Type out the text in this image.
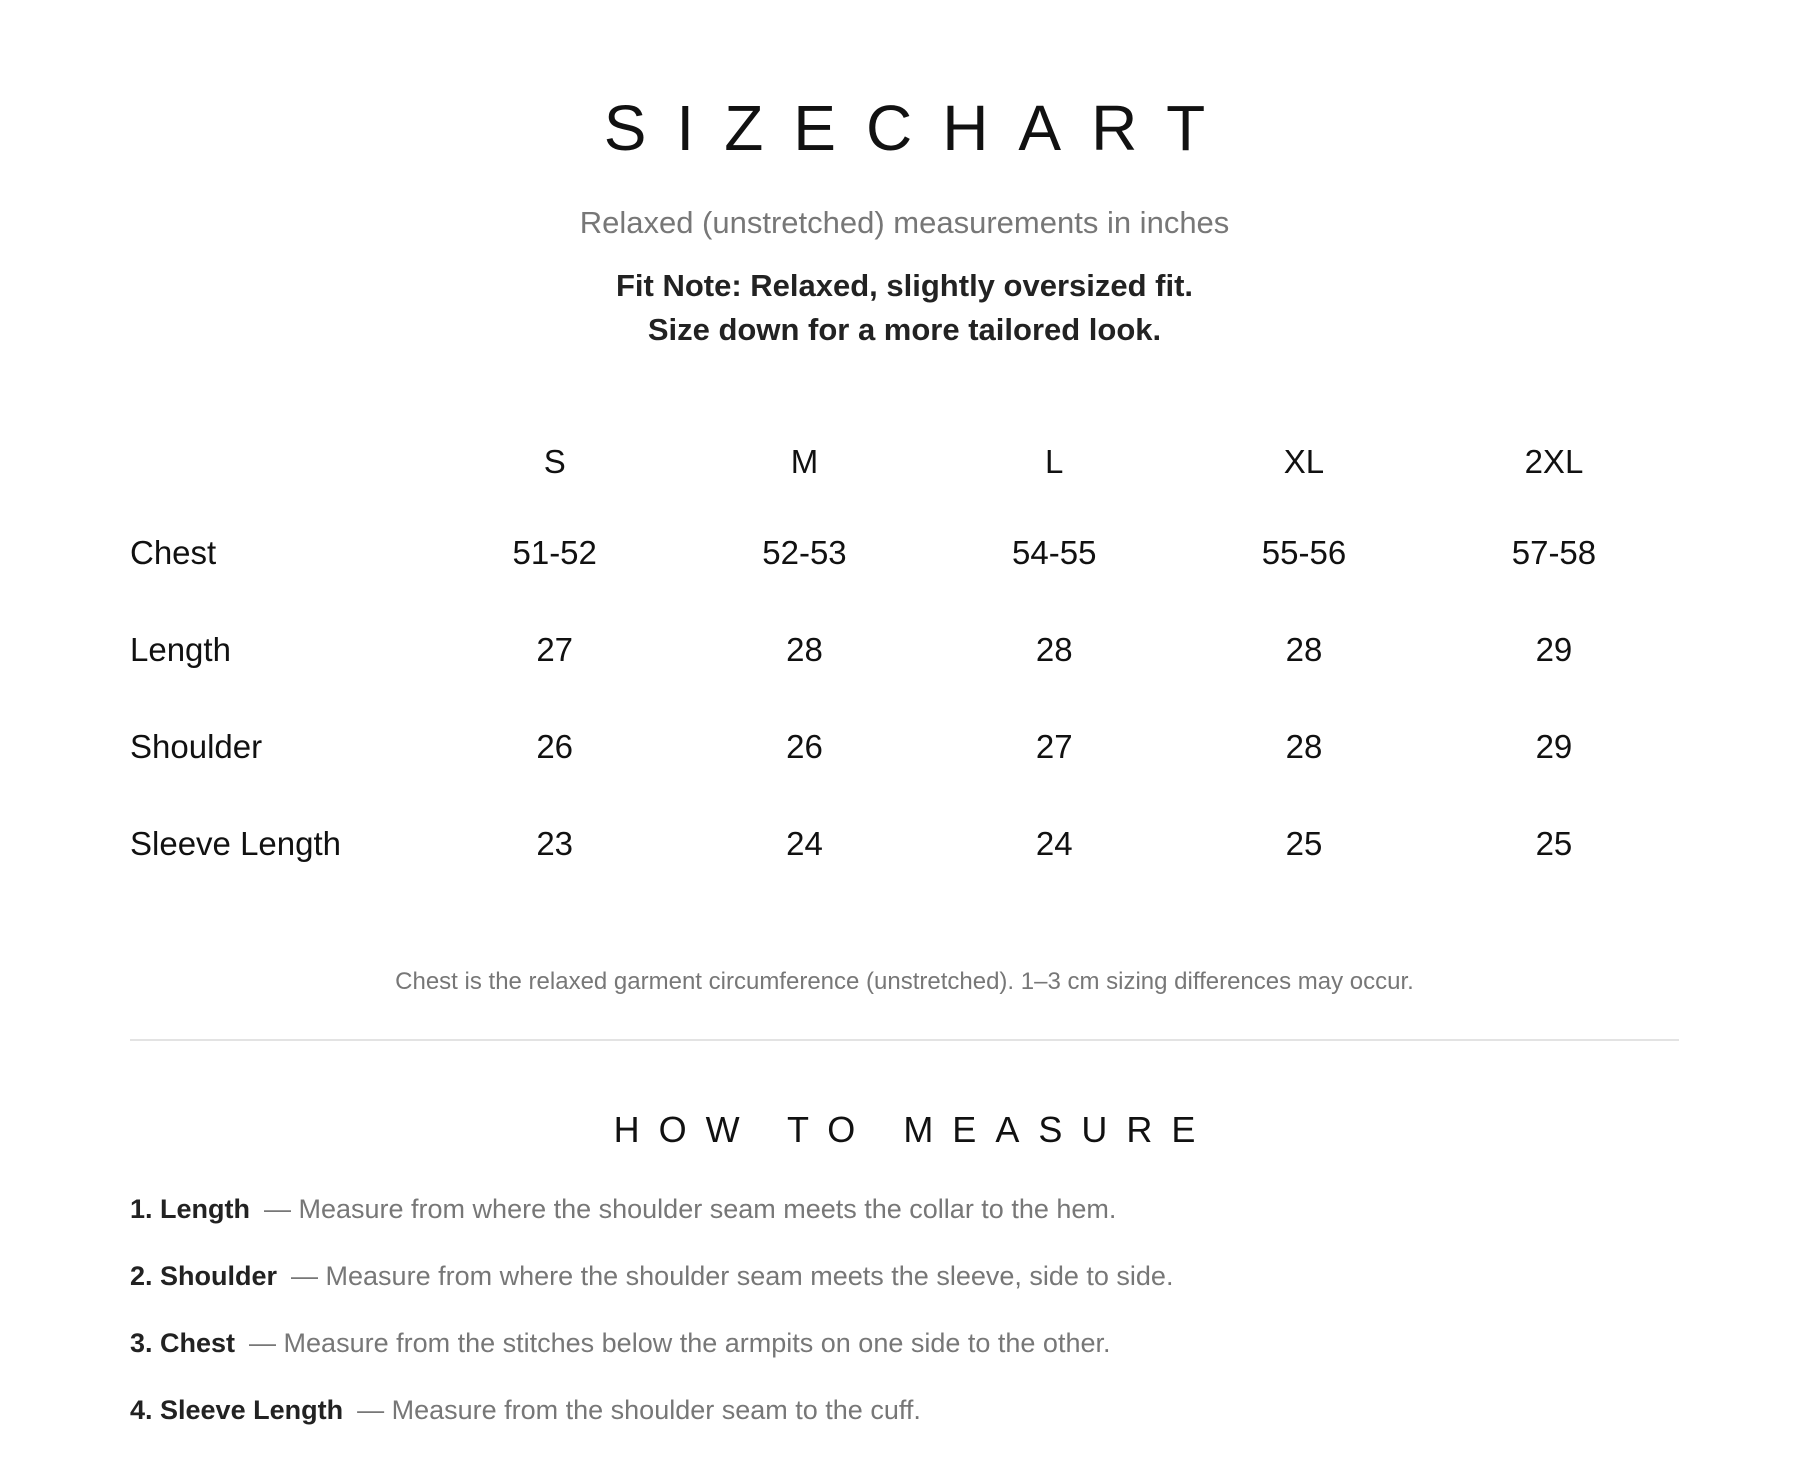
SIZECHART
Relaxed (unstretched) measurements in inches
Fit Note: Relaxed, slightly oversized fit.
Size down for a more tailored look.
	S	M	L	XL	2XL
Chest	51-52	52-53	54-55	55-56	57-58
Length	27	28	28	28	29
Shoulder	26	26	27	28	29
Sleeve Length	23	24	24	25	25
Chest is the relaxed garment circumference (unstretched). 1–3 cm sizing differences may occur.
HOW TO MEASURE
1. Length — Measure from where the shoulder seam meets the collar to the hem.
2. Shoulder — Measure from where the shoulder seam meets the sleeve, side to side.
3. Chest — Measure from the stitches below the armpits on one side to the other.
4. Sleeve Length — Measure from the shoulder seam to the cuff.
